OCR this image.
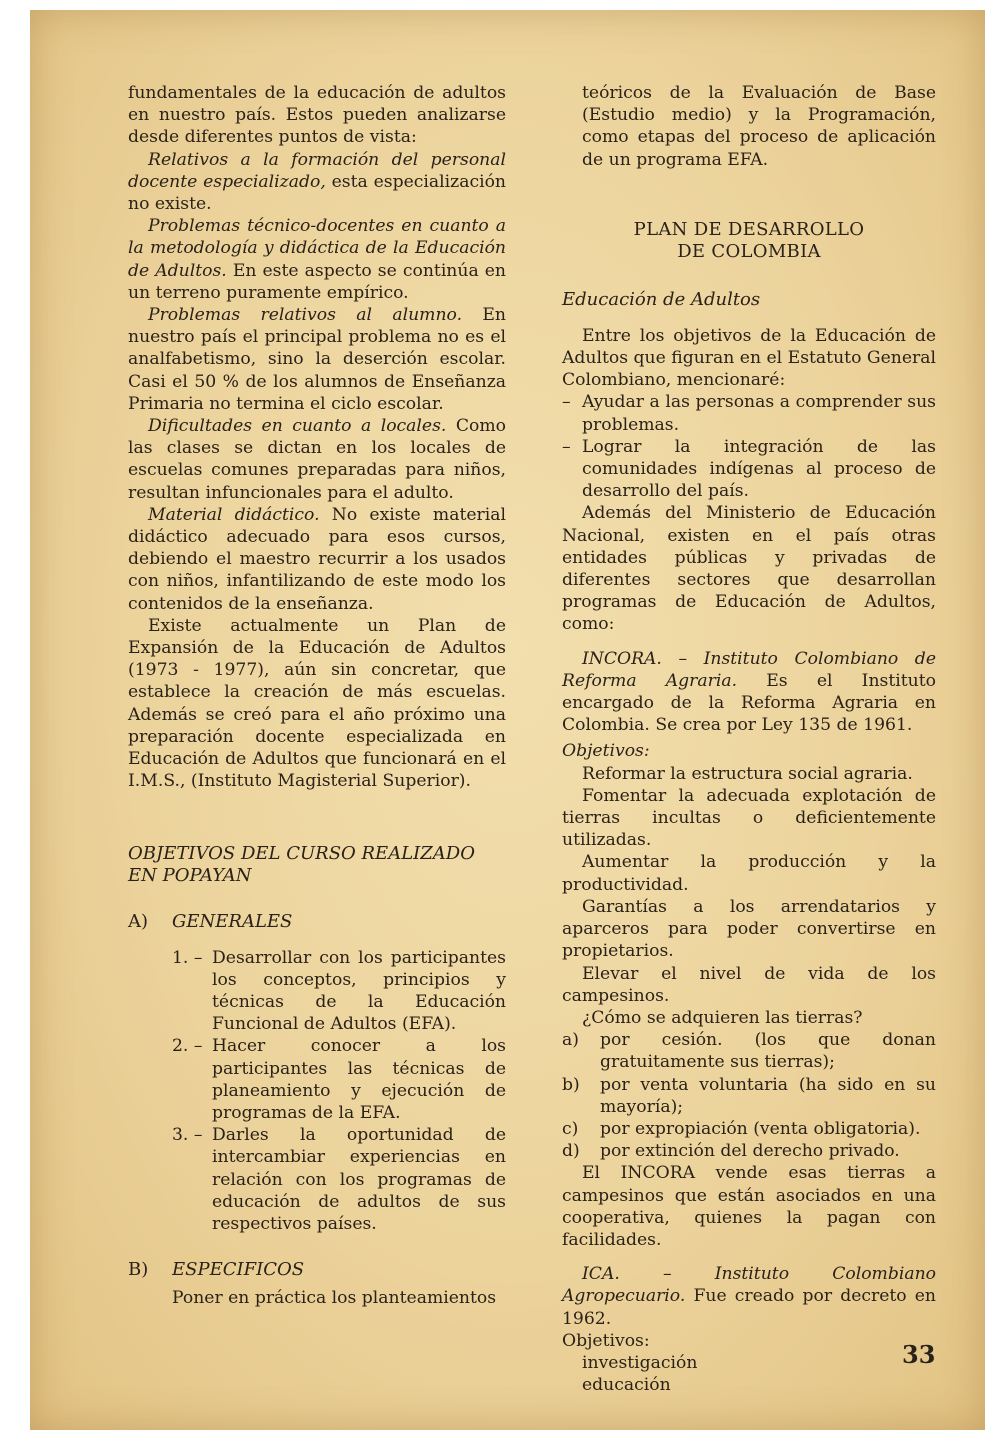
fundamentales de la educación de adultos en nuestro país. Estos pueden analizarse desde diferentes puntos de vista:

Relativos a la formación del personal docente especializado, esta especialización no existe.

Problemas técnico-docentes en cuanto a la metodología y didáctica de la Educación de Adultos. En este aspecto se continúa en un terreno puramente empírico.

Problemas relativos al alumno. En nuestro país el principal problema no es el analfabetismo, sino la deserción escolar. Casi el 50 % de los alumnos de Enseñanza Primaria no termina el ciclo escolar.

Dificultades en cuanto a locales. Como las clases se dictan en los locales de escuelas comunes preparadas para niños, resultan infuncionales para el adulto.

Material didáctico. No existe material didáctico adecuado para esos cursos, debiendo el maestro recurrir a los usados con niños, infantilizando de este modo los contenidos de la enseñanza.

Existe actualmente un Plan de Expansión de la Educación de Adultos (1973 - 1977), aún sin concretar, que establece la creación de más escuelas. Además se creó para el año próximo una preparación docente especializada en Educación de Adultos que funcionará en el I.M.S., (Instituto Magisterial Superior).

OBJETIVOS DEL CURSO REALIZADO EN POPAYAN

A)	GENERALES
1. – Desarrollar con los participantes los conceptos, principios y técnicas de la Educación Funcional de Adultos (EFA).
2. – Hacer conocer a los participantes las técnicas de planeamiento y ejecución de programas de la EFA.
3. – Darles la oportunidad de intercambiar experiencias en relación con los programas de educación de adultos de sus respectivos países.
B)	ESPECIFICOS

Poner en práctica los planteamientos

teóricos de la Evaluación de Base (Estudio medio) y la Programación, como etapas del proceso de aplicación de un programa EFA.

PLAN DE DESARROLLO
DE COLOMBIA

Educación de Adultos

Entre los objetivos de la Educación de Adultos que figuran en el Estatuto General Colombiano, mencionaré:

– Ayudar a las personas a comprender sus problemas.
– Lograr la integración de las comunidades indígenas al proceso de desarrollo del país.

Además del Ministerio de Educación Nacional, existen en el país otras entidades públicas y privadas de diferentes sectores que desarrollan programas de Educación de Adultos, como:

INCORA. – Instituto Colombiano de Reforma Agraria. Es el Instituto encargado de la Reforma Agraria en Colombia. Se crea por Ley 135 de 1961.

Objetivos:

Reformar la estructura social agraria.

Fomentar la adecuada explotación de tierras incultas o deficientemente utilizadas.

Aumentar la producción y la productividad.

Garantías a los arrendatarios y aparceros para poder convertirse en propietarios.

Elevar el nivel de vida de los campesinos.

¿Cómo se adquieren las tierras?

a)	por cesión. (los que donan gratuitamente sus tierras);
b)	por venta voluntaria (ha sido en su mayoría);
c)	por expropiación (venta obligatoria).
d)	por extinción del derecho privado.

El INCORA vende esas tierras a campesinos que están asociados en una cooperativa, quienes la pagan con facilidades.

ICA. – Instituto Colombiano Agropecuario. Fue creado por decreto en 1962.

Objetivos:

investigación

educación

33
